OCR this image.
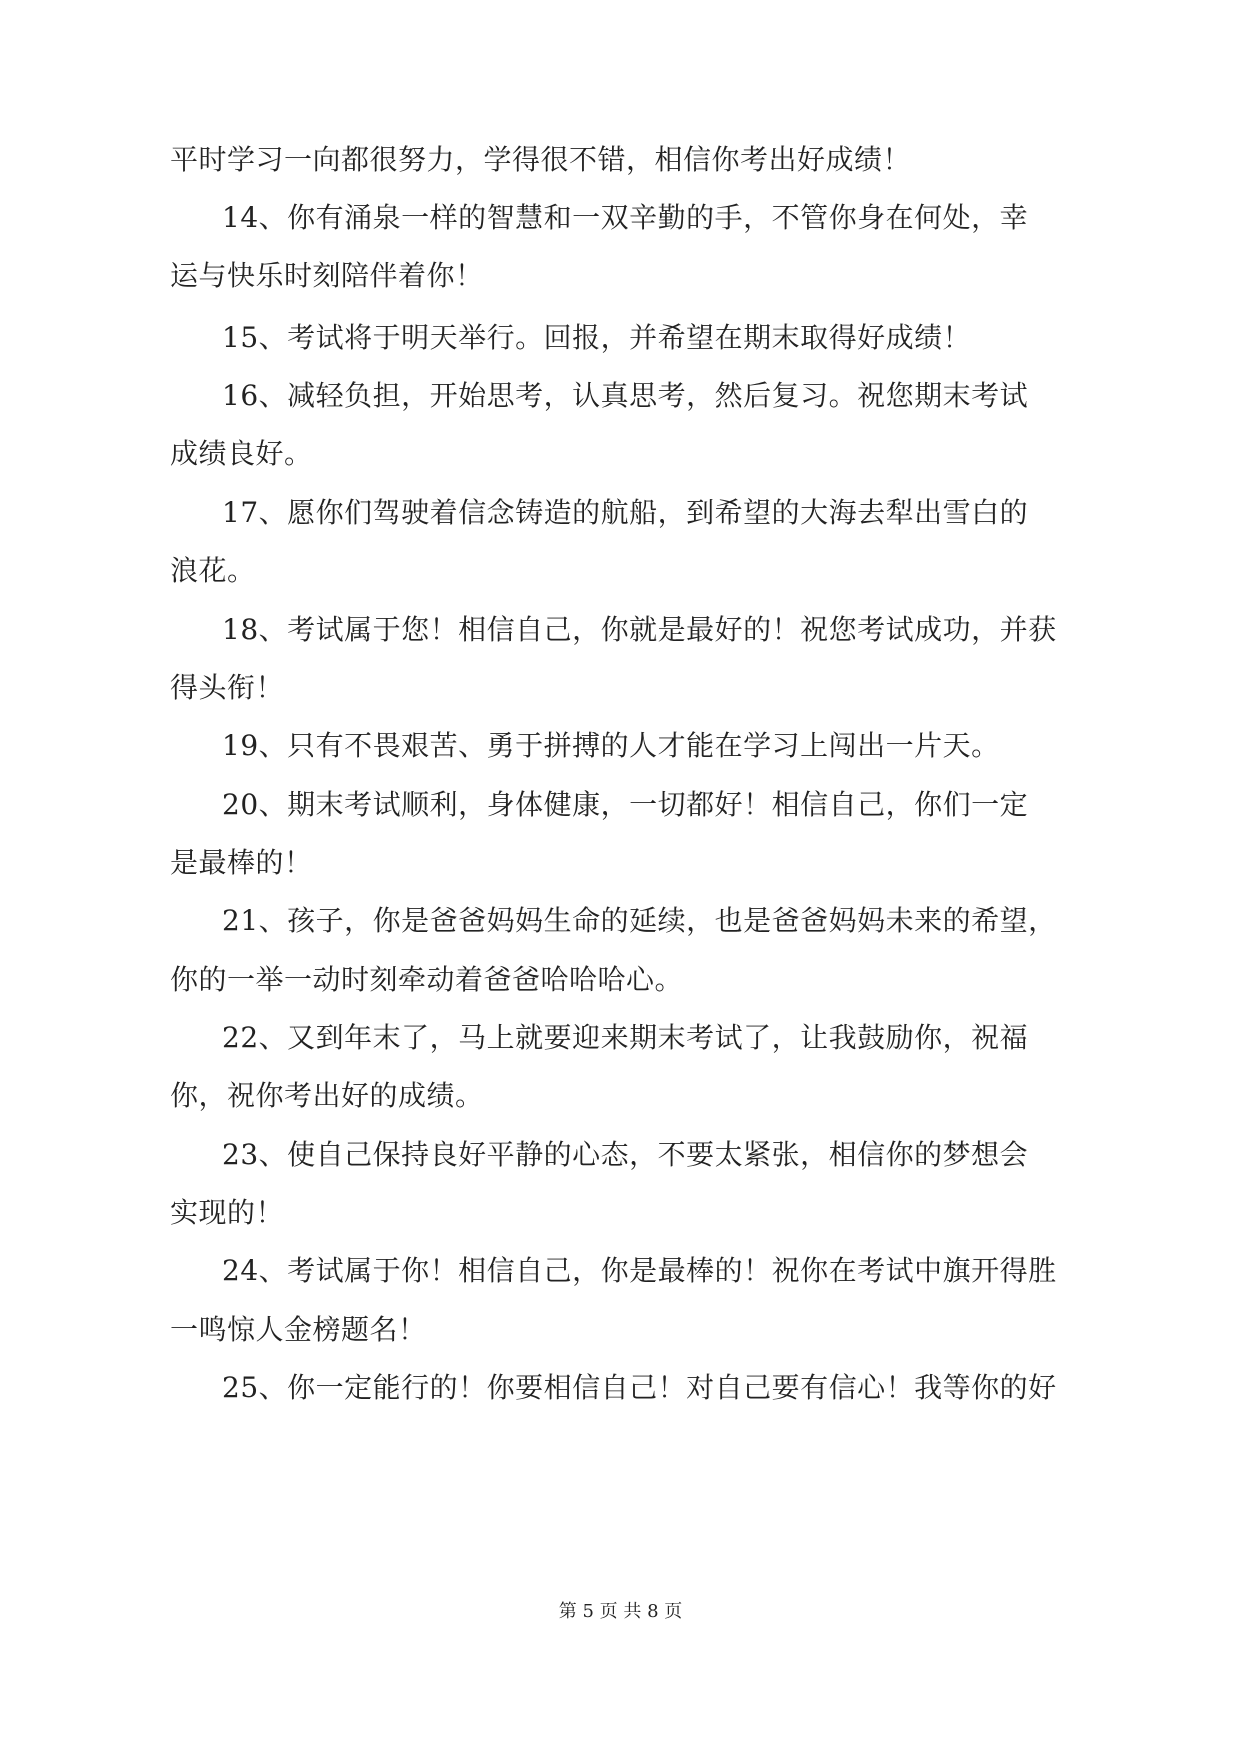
平时学习一向都很努力，学得很不错，相信你考出好成绩！
14、你有涌泉一样的智慧和一双辛勤的手，不管你身在何处，幸
运与快乐时刻陪伴着你！
15、考试将于明天举行。回报，并希望在期末取得好成绩！
16、减轻负担，开始思考，认真思考，然后复习。祝您期末考试
成绩良好。
17、愿你们驾驶着信念铸造的航船，到希望的大海去犁出雪白的
浪花。
18、考试属于您！相信自己，你就是最好的！祝您考试成功，并获
得头衔！
19、只有不畏艰苦、勇于拼搏的人才能在学习上闯出一片天。
20、期末考试顺利，身体健康，一切都好！相信自己，你们一定
是最棒的！
21、孩子，你是爸爸妈妈生命的延续，也是爸爸妈妈未来的希望，
你的一举一动时刻牵动着爸爸哈哈哈心。
22、又到年末了，马上就要迎来期末考试了，让我鼓励你，祝福
你，祝你考出好的成绩。
23、使自己保持良好平静的心态，不要太紧张，相信你的梦想会
实现的！
24、考试属于你！相信自己，你是最棒的！祝你在考试中旗开得胜
一鸣惊人金榜题名！
25、你一定能行的！你要相信自己！对自己要有信心！我等你的好
第 5 页 共 8 页
